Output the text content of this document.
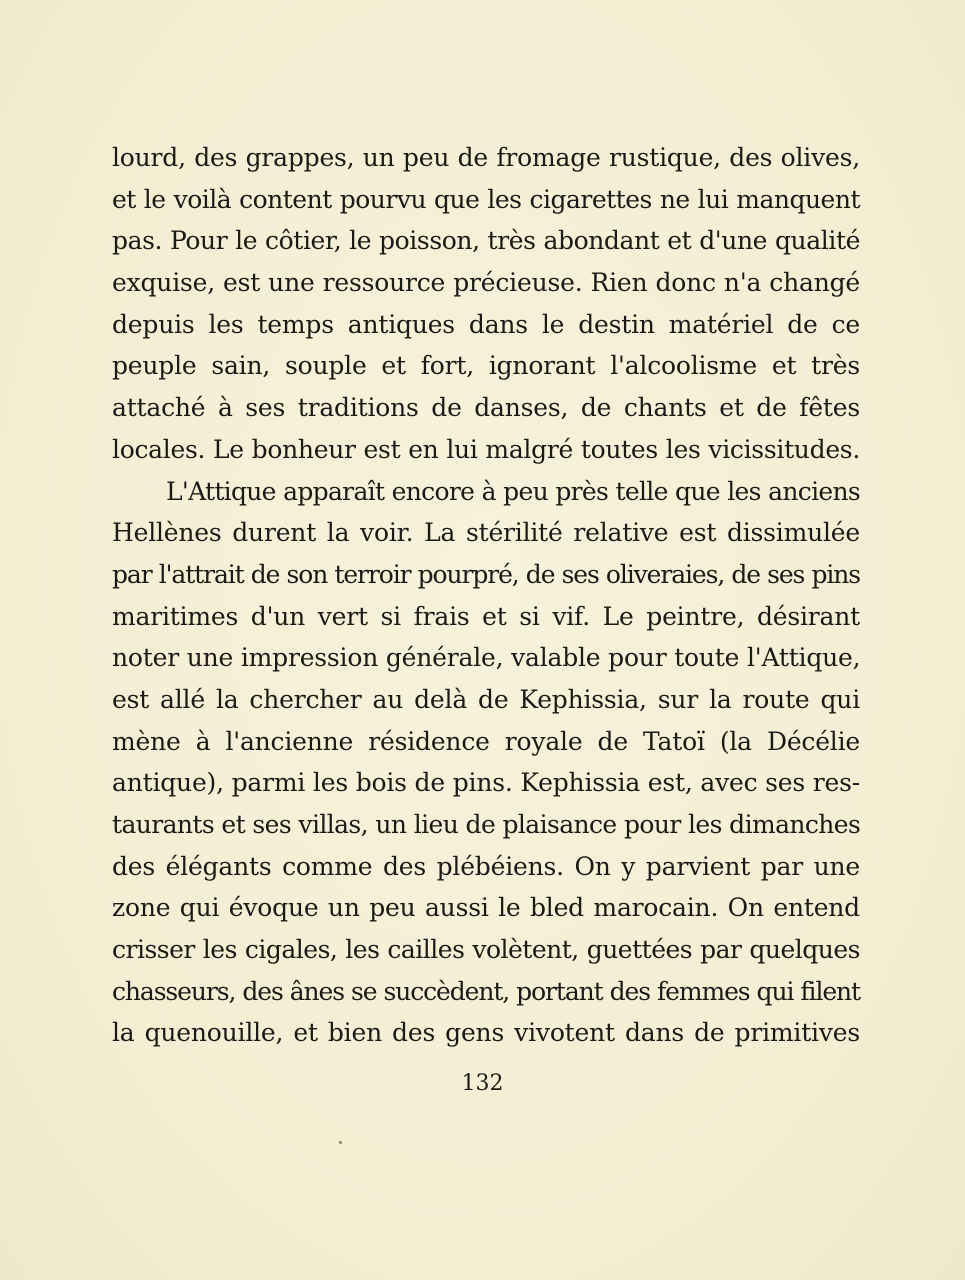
lourd, des grappes, un peu de fromage rustique, des olives,
et le voilà content pourvu que les cigarettes ne lui manquent
pas. Pour le côtier, le poisson, très abondant et d'une qualité
exquise, est une ressource précieuse. Rien donc n'a changé
depuis les temps antiques dans le destin matériel de ce
peuple sain, souple et fort, ignorant l'alcoolisme et très
attaché à ses traditions de danses, de chants et de fêtes
locales. Le bonheur est en lui malgré toutes les vicissitudes.
L'Attique apparaît encore à peu près telle que les anciens
Hellènes durent la voir. La stérilité relative est dissimulée
par l'attrait de son terroir pourpré, de ses oliveraies, de ses pins
maritimes d'un vert si frais et si vif. Le peintre, désirant
noter une impression générale, valable pour toute l'Attique,
est allé la chercher au delà de Kephissia, sur la route qui
mène à l'ancienne résidence royale de Tatoï (la Décélie
antique), parmi les bois de pins. Kephissia est, avec ses res-
taurants et ses villas, un lieu de plaisance pour les dimanches
des élégants comme des plébéiens. On y parvient par une
zone qui évoque un peu aussi le bled marocain. On entend
crisser les cigales, les cailles volètent, guettées par quelques
chasseurs, des ânes se succèdent, portant des femmes qui filent
la quenouille, et bien des gens vivotent dans de primitives
132
